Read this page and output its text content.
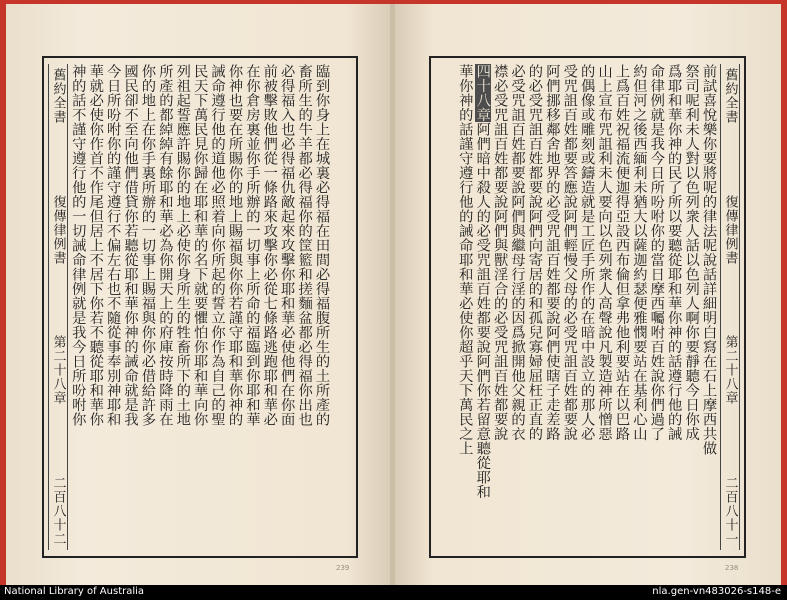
舊約全書
復傳律例書
第二十八章
二百八十二
臨到你身上在城裏必得福在田間必得福腹所生的土所產的
畜所生的牛羊都必得福你的筐籃和搓麵盆都必得福你出也
必得福入也必得福仇敵起來攻擊你耶和華必使他們在你面
前被擊敗他們從一條路來攻擊你必從七條路逃跑耶和華必
在你倉房裏並你手所辦的一切事上所命的福臨到你耶和華
你神也要在所賜你的地上賜福與你你若謹守耶和華你神的
誡命遵行他的道他必照着向你所起的誓立你作為自己的聖
民天下萬民見你歸在耶和華的名下就要懼怕你耶和華向你
列祖起誓應許賜你的地上必使你身所生的牲畜所下的土地
所產的都綽綽有餘耶和華必為你開天上的府庫按時降雨在
你的地上在你手裏所辦的一切事上賜福與你你必借給許多
國民卻不至向他們借貸你若聽從耶和華你神的誡命就是我
今日所吩咐你的謹守遵行不偏左右也不隨從事奉別神耶和
華就必使你作首不作尾但居上不居下你若不聽從耶和華你
神的話不謹守遵行他的一切誡命律例就是我今日所吩咐你
239
前試喜悅樂你要將呢的律法呢說話詳細明白寫在石上摩西共做
祭司呢利未人對以色列衆人話以色列人啊你要靜聽今日你成
爲耶和華你神的民了所以要聽從耶和華你神的話遵行他的誡
命律例就是我今日所吩咐你的當日摩西囑咐百姓說你們過了
約但河之後西緬利未猶大以薩迦約瑟便雅憫要站在基利心山
上爲百姓祝福流便迦得亞設西布倫但拿弗他利要站在以巴路
山上宣布咒詛利未人要向以色列衆人高聲說凡製造神所憎惡
的偶像或雕刻或鑄造就是工匠手所作的在暗中設立的那人必
受咒詛百姓都要答應說阿們輕慢父母的必受咒詛百姓都要說
阿們挪移鄰舍地界的必受咒詛百姓都要說阿們使瞎子走差路
的必受咒詛百姓都要說阿們向寄居的和孤兒寡婦屈枉正直的
必受咒詛百姓都要說阿們與繼母行淫的因爲掀開他父親的衣
襟必受咒詛百姓都要說阿們與獸淫合的必受咒詛百姓都要說
四十八章阿們暗中殺人的必受咒詛百姓都要說阿們你若留意聽從耶和
華你神的話謹守遵行他的誡命耶和華必使你超乎天下萬民之上	舊約全書
復傳律例書
第二十八章
二百八十一
238
National Library of Australia	nla.gen-vn483026-s148-e
